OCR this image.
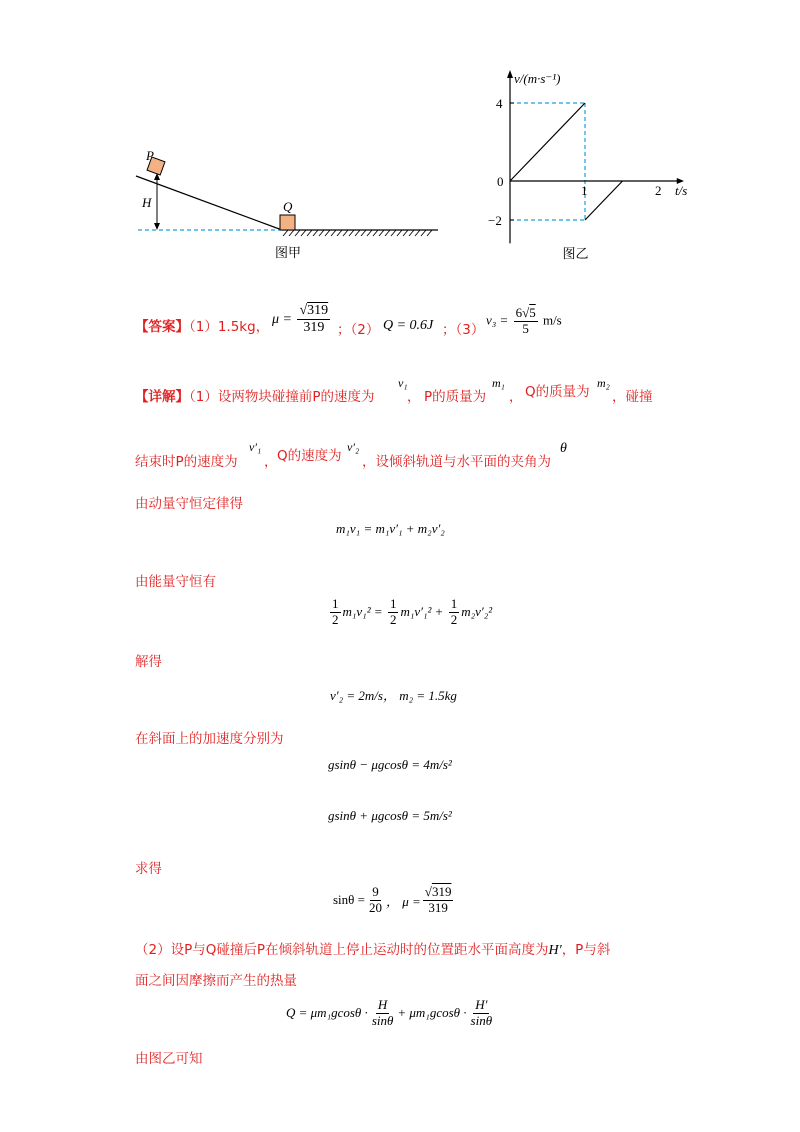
P
H	Q
图甲
v/(m·s⁻¹)
4
0
−2
1	2 t/s
图乙
【答案】（1）1.5kg， $\mu = \frac{√319}{319}$ ；（2） Q = 0.6J ；（3）
$v_3 = \frac{6√5}{5} m/s$
【详解】（1）设两物块碰撞前P的速度为
v₁
， P的质量为
m₁
， Q的质量为
m₂
，碰撞
结束时P的速度为
v′₁
， Q的速度为
v′₂
，设倾斜轨道与水平面的夹角为
θ
由动量守恒定律得
m₁v₁ = m₁v′₁ + m₂v′₂
由能量守恒有
$\frac{1}{2} m_1v_1^2 = \frac{1}{2} m_1v'_1^2 + \frac{1}{2} m_2v'_2^2$
解得
v′₂ = 2m/s， m₂ = 1.5kg
在斜面上的加速度分别为
gsinθ − μgcosθ = 4m/s²
gsinθ + μgcosθ = 5m/s²
求得
$\sin\theta = \frac{9}{20}$ ， $\mu = \frac{√319}{319}$
（2）设P与Q碰撞后P在倾斜轨道上停止运动时的位置距水平面高度为H′，P与斜
面之间因摩擦而产生的热量
$Q = \mu m_1gcos\theta \cdot \frac{H}{\sin\theta} + \mu m_1gcos\theta \cdot \frac{H'}{\sin\theta}$
由图乙可知
